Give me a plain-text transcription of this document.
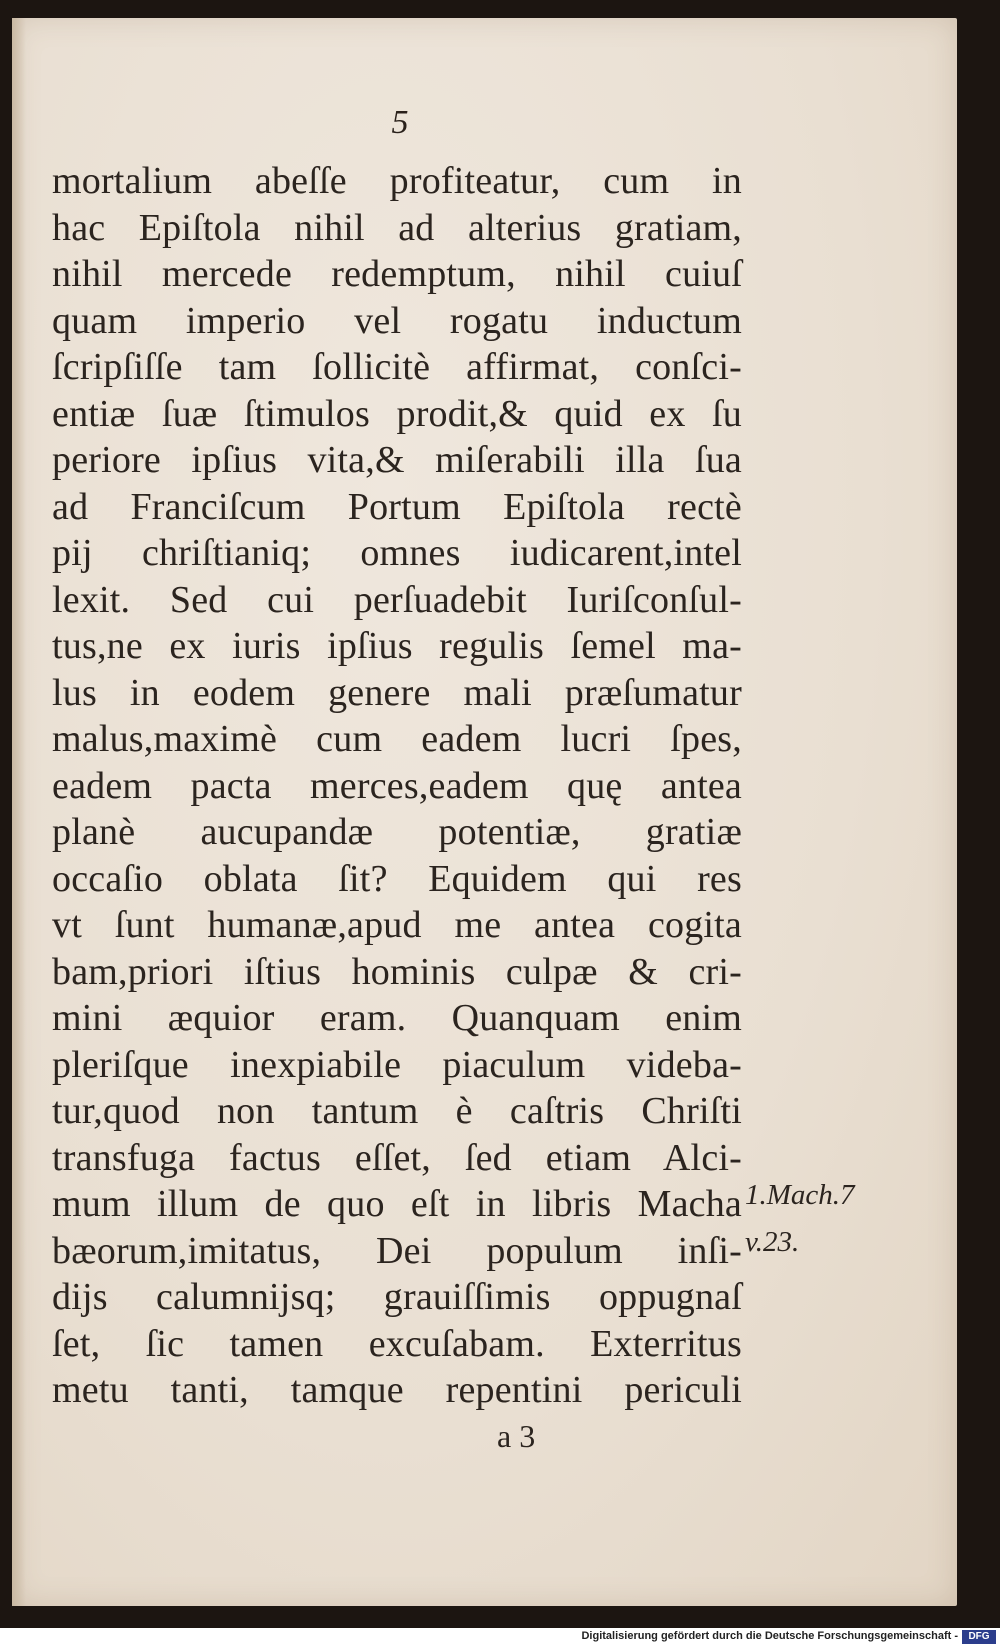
5
mortalium abeſſe profiteatur, cum in
hac Epiſtola nihil ad alterius gratiam,
nihil mercede redemptum, nihil cuiuſ
quam imperio vel rogatu inductum
ſcripſiſſe tam ſollicitè affirmat, conſci-
entiæ ſuæ ſtimulos prodit,& quid ex ſu
periore ipſius vita,& miſerabili illa ſua
ad Franciſcum Portum Epiſtola rectè
pij chriſtianiq; omnes iudicarent,intel
lexit. Sed cui perſuadebit Iuriſconſul-
tus,ne ex iuris ipſius regulis ſemel ma-
lus in eodem genere mali præſumatur
malus,maximè cum eadem lucri ſpes,
eadem pacta merces,eadem quę antea
planè aucupandæ potentiæ, gratiæ
occaſio oblata ſit? Equidem qui res
vt ſunt humanæ,apud me antea cogita
bam,priori iſtius hominis culpæ & cri-
mini æquior eram. Quanquam enim
pleriſque inexpiabile piaculum videba-
tur,quod non tantum è caſtris Chriſti
transfuga factus eſſet, ſed etiam Alci-
mum illum de quo eſt in libris Macha
bæorum,imitatus, Dei populum inſi-
dijs calumnijsq; grauiſſimis oppugnaſ
ſet, ſic tamen excuſabam. Exterritus
metu tanti, tamque repentini periculi
1.Mach.7
v.23.
a 3
Digitalisierung gefördert durch die Deutsche Forschungsgemeinschaft -	DFG
